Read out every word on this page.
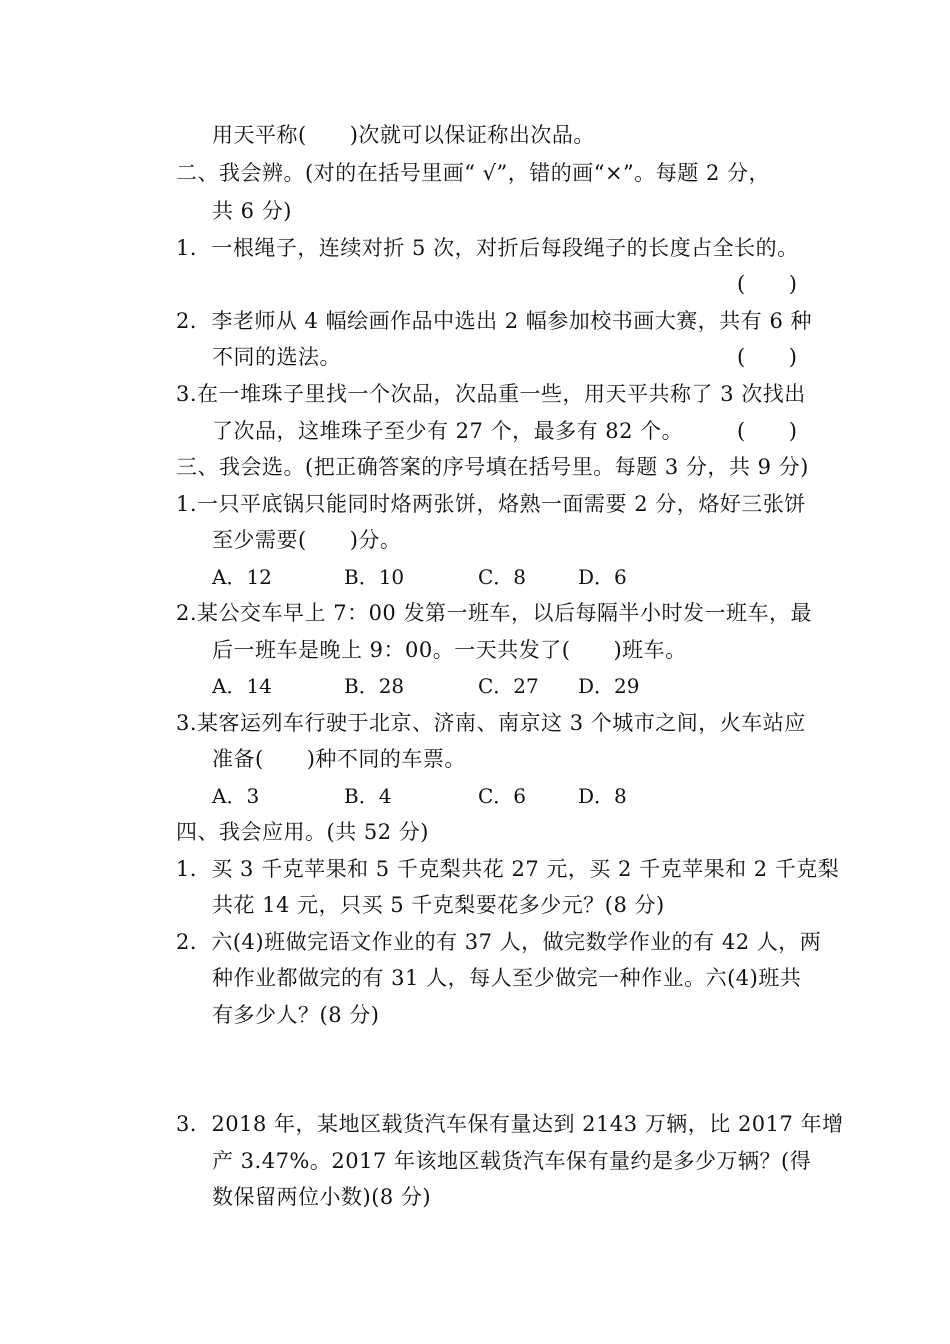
用天平称(　　)次就可以保证称出次品。
二、我会辨。(对的在括号里画“ √”，错的画“×”。每题 2 分，
共 6 分)
1．一根绳子，连续对折 5 次，对折后每段绳子的长度占全长的。
(　　)
2．李老师从 4 幅绘画作品中选出 2 幅参加校书画大赛，共有 6 种
不同的选法。	(　　)
3.在一堆珠子里找一个次品，次品重一些，用天平共称了 3 次找出
了次品，这堆珠子至少有 27 个，最多有 82 个。	(　　)
三、我会选。(把正确答案的序号填在括号里。每题 3 分，共 9 分)
1.一只平底锅只能同时烙两张饼，烙熟一面需要 2 分，烙好三张饼
至少需要(　　)分。
A．12	B．10	C．8	D．6
2.某公交车早上 7：00 发第一班车，以后每隔半小时发一班车，最
后一班车是晚上 9：00。一天共发了(　　)班车。
A．14	B．28	C．27 D．29
3.某客运列车行驶于北京、济南、南京这 3 个城市之间，火车站应
准备(　　)种不同的车票。
A．3	B．4	C．6	D．8
四、我会应用。(共 52 分)
1．买 3 千克苹果和 5 千克梨共花 27 元，买 2 千克苹果和 2 千克梨
共花 14 元，只买 5 千克梨要花多少元？(8 分)
2．六(4)班做完语文作业的有 37 人，做完数学作业的有 42 人，两
种作业都做完的有 31 人，每人至少做完一种作业。六(4)班共
有多少人？(8 分)
3．2018 年，某地区载货汽车保有量达到 2143 万辆，比 2017 年增
产 3.47%。2017 年该地区载货汽车保有量约是多少万辆？(得
数保留两位小数)(8 分)
